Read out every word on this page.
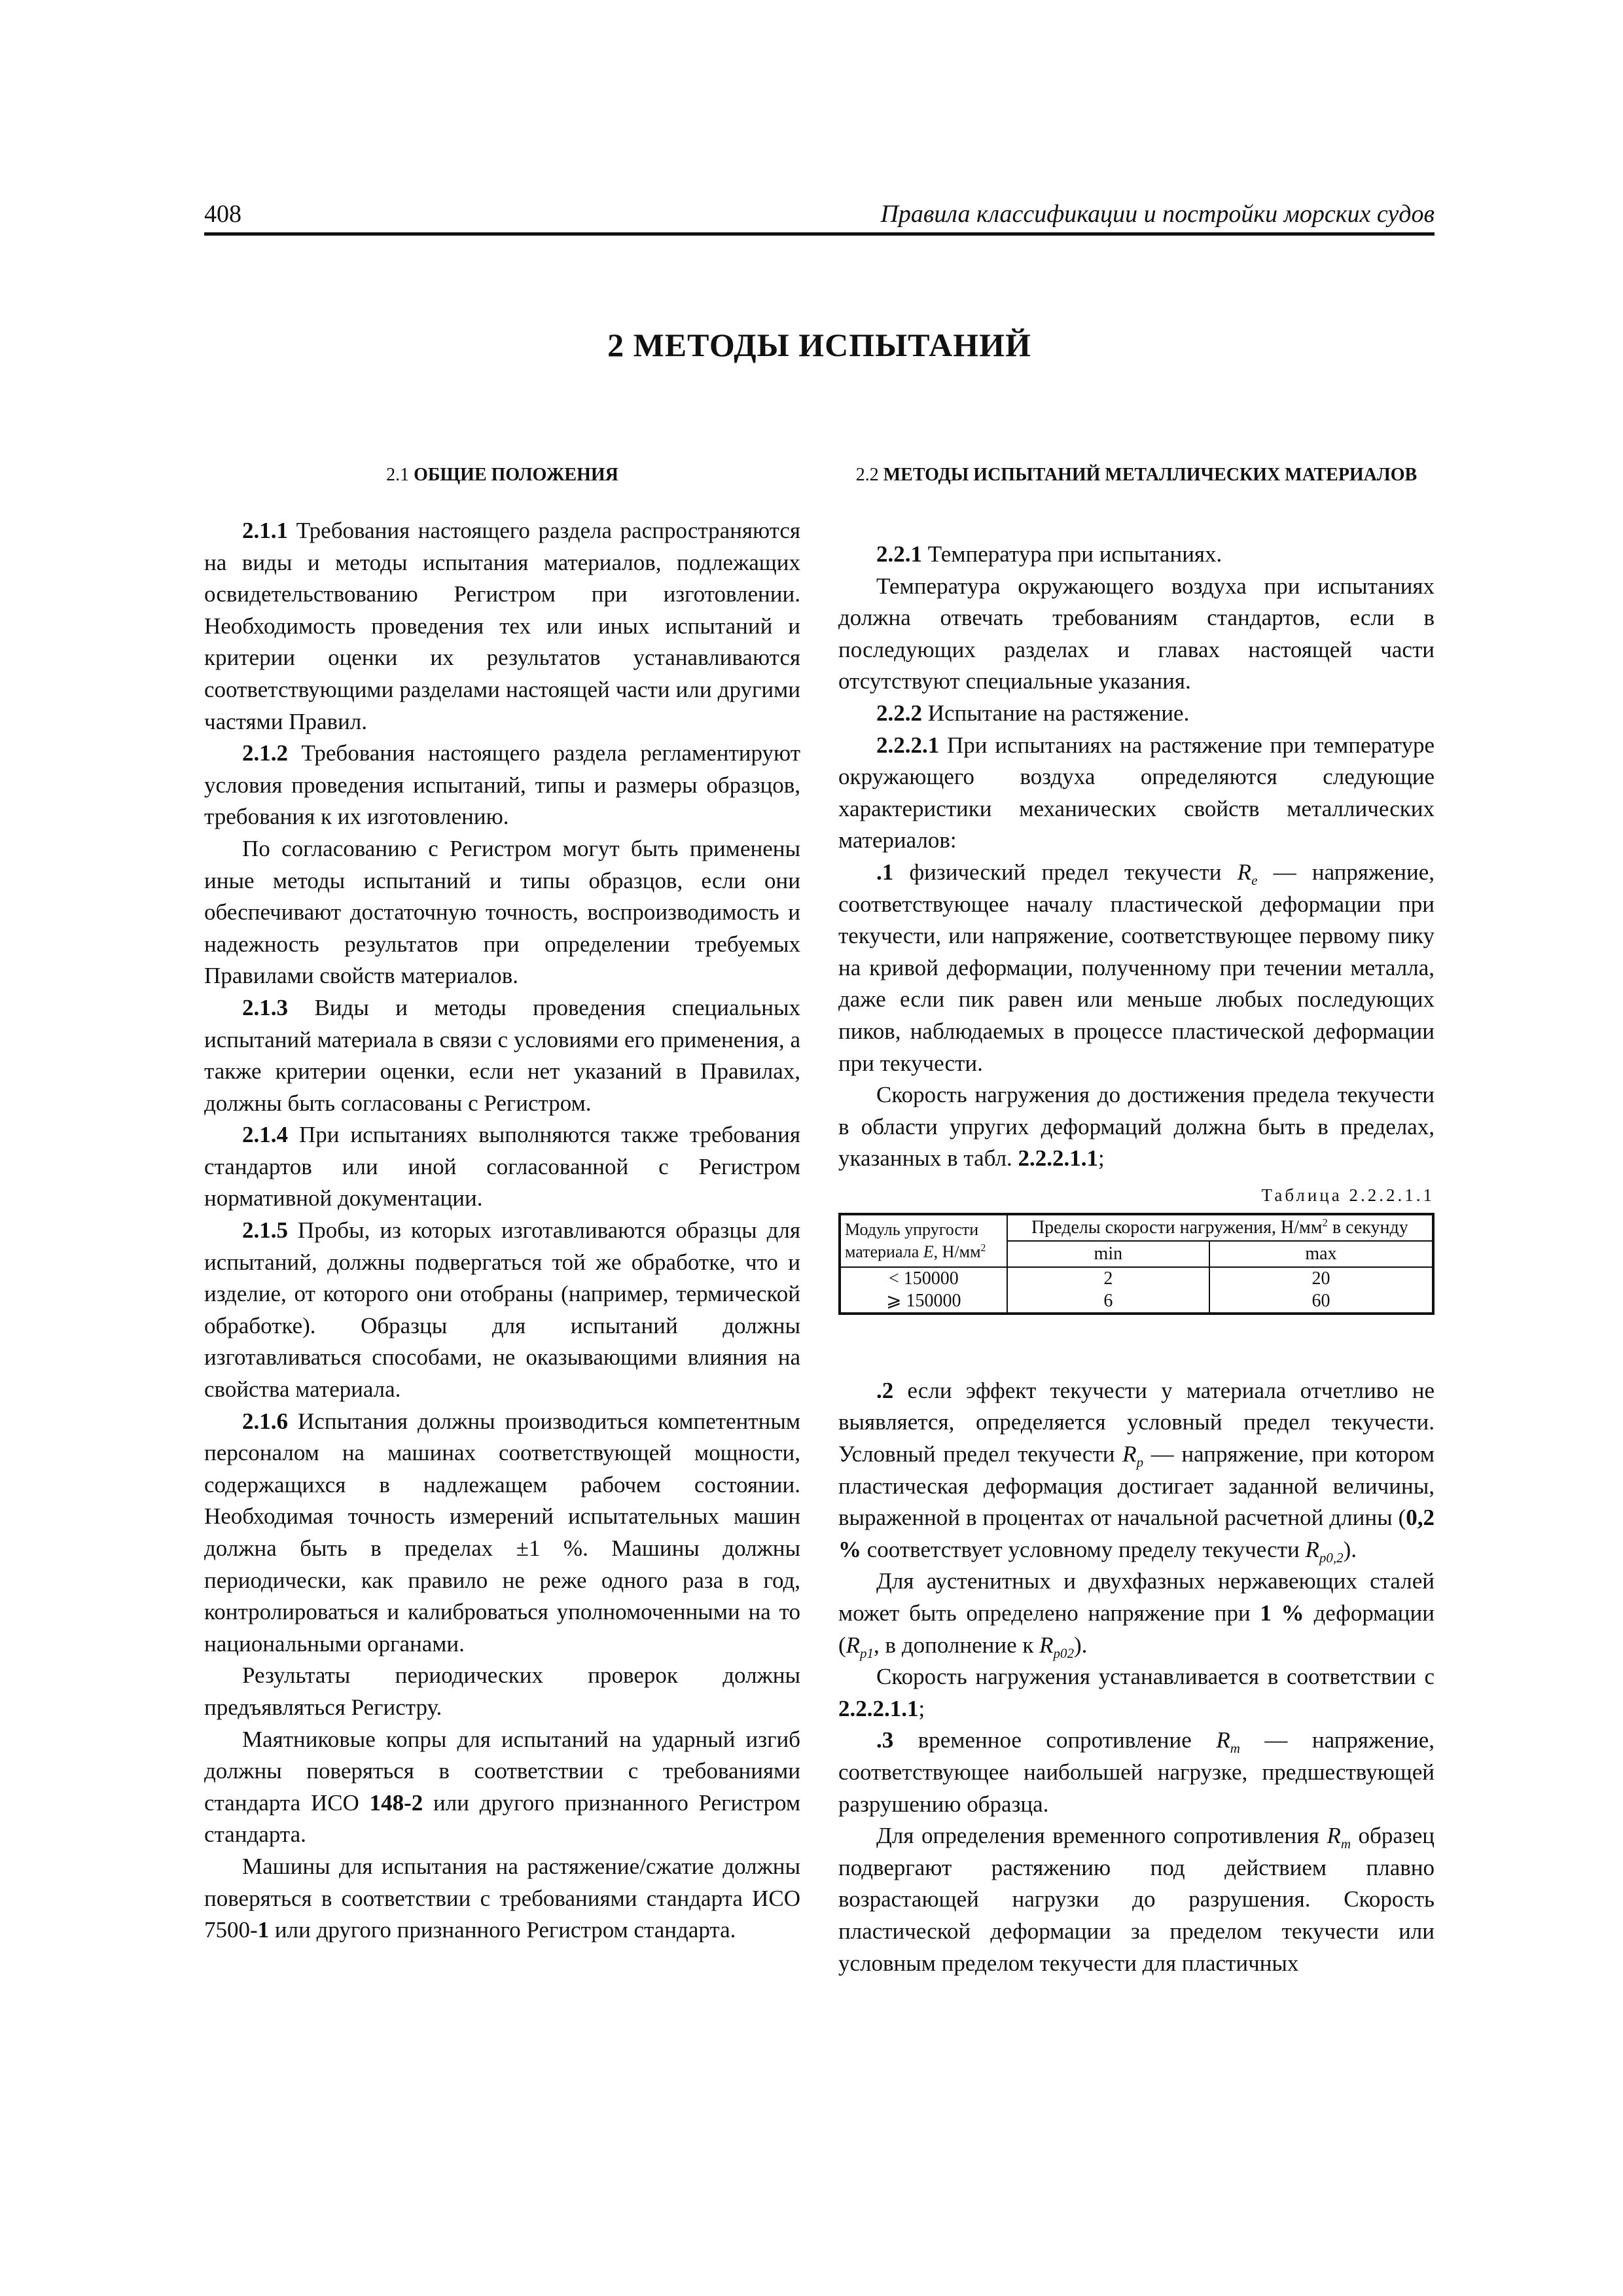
408	Правила классификации и постройки морских судов
2 МЕТОДЫ ИСПЫТАНИЙ
2.1 ОБЩИЕ ПОЛОЖЕНИЯ

2.1.1 Требования настоящего раздела распространяются на виды и методы испытания материалов, подлежащих освидетельствованию Регистром при изготовлении. Необходимость проведения тех или иных испытаний и критерии оценки их результатов устанавливаются соответствующими разделами настоящей части или другими частями Правил.

2.1.2 Требования настоящего раздела регламентируют условия проведения испытаний, типы и размеры образцов, требования к их изготовлению.

По согласованию с Регистром могут быть применены иные методы испытаний и типы образцов, если они обеспечивают достаточную точность, воспроизводимость и надежность результатов при определении требуемых Правилами свойств материалов.

2.1.3 Виды и методы проведения специальных испытаний материала в связи с условиями его применения, а также критерии оценки, если нет указаний в Правилах, должны быть согласованы с Регистром.

2.1.4 При испытаниях выполняются также требования стандартов или иной согласованной с Регистром нормативной документации.

2.1.5 Пробы, из которых изготавливаются образцы для испытаний, должны подвергаться той же обработке, что и изделие, от которого они отобраны (например, термической обработке). Образцы для испытаний должны изготавливаться способами, не оказывающими влияния на свойства материала.

2.1.6 Испытания должны производиться компетентным персоналом на машинах соответствующей мощности, содержащихся в надлежащем рабочем состоянии. Необходимая точность измерений испытательных машин должна быть в пределах ±1 %. Машины должны периодически, как правило не реже одного раза в год, контролироваться и калиброваться уполномоченными на то национальными органами.

Результаты периодических проверок должны предъявляться Регистру.

Маятниковые копры для испытаний на ударный изгиб должны поверяться в соответствии с требованиями стандарта ИСО 148-2 или другого признанного Регистром стандарта.

Машины для испытания на растяжение/сжатие должны поверяться в соответствии с требованиями стандарта ИСО 7500-1 или другого признанного Регистром стандарта.

2.2 МЕТОДЫ ИСПЫТАНИЙ МЕТАЛЛИЧЕСКИХ МАТЕРИАЛОВ

2.2.1 Температура при испытаниях.

Температура окружающего воздуха при испытаниях должна отвечать требованиям стандартов, если в последующих разделах и главах настоящей части отсутствуют специальные указания.

2.2.2 Испытание на растяжение.

2.2.2.1 При испытаниях на растяжение при температуре окружающего воздуха определяются следующие характеристики механических свойств металлических материалов:

.1 физический предел текучести $R_e$ — напряжение, соответствующее началу пластической деформации при текучести, или напряжение, соответствующее первому пику на кривой деформации, полученному при течении металла, даже если пик равен или меньше любых последующих пиков, наблюдаемых в процессе пластической деформации при текучести.

Скорость нагружения до достижения предела текучести в области упругих деформаций должна быть в пределах, указанных в табл. 2.2.2.1.1;

Таблица 2.2.2.1.1
Модуль упругости
материала E, $Н/мм^2$	Пределы скорости нагружения, $Н/мм^2$ в секунду	
	min	max
< 150000	2	20
⩾ 150000	6	60

.2 если эффект текучести у материала отчетливо не выявляется, определяется условный предел текучести. Условный предел текучести $R_p$ — напряжение, при котором пластическая деформация достигает заданной величины, выраженной в процентах от начальной расчетной длины (0,2 % соответствует условному пределу текучести $R_{p0,2}$).

Для аустенитных и двухфазных нержавеющих сталей может быть определено напряжение при 1 % деформации ($R_{p1}$, в дополнение к $R_{p02}$).

Скорость нагружения устанавливается в соответствии с 2.2.2.1.1;

.3 временное сопротивление $R_m$ — напряжение, соответствующее наибольшей нагрузке, предшествующей разрушению образца.

Для определения временного сопротивления $R_m$ образец подвергают растяжению под действием плавно возрастающей нагрузки до разрушения. Скорость пластической деформации за пределом текучести или условным пределом текучести для пластичных
